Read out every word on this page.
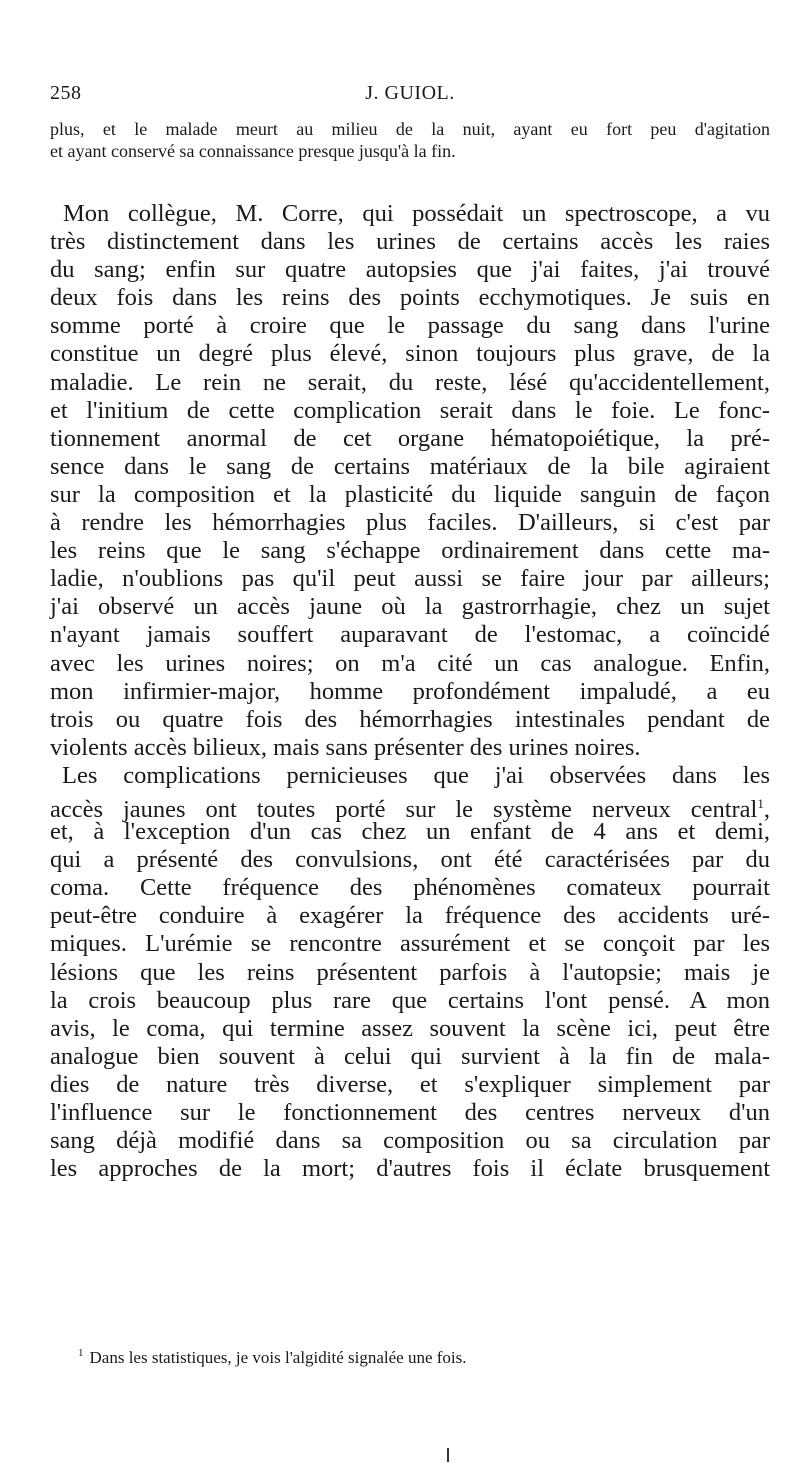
258	J. GUIOL.
plus, et le malade meurt au milieu de la nuit, ayant eu fort peu d'agitation
et ayant conservé sa connaissance presque jusqu'à la fin.
Mon collègue, M. Corre, qui possédait un spectroscope, a vu
très distinctement dans les urines de certains accès les raies
du sang; enfin sur quatre autopsies que j'ai faites, j'ai trouvé
deux fois dans les reins des points ecchymotiques. Je suis en
somme porté à croire que le passage du sang dans l'urine
constitue un degré plus élevé, sinon toujours plus grave, de la
maladie. Le rein ne serait, du reste, lésé qu'accidentellement,
et l'initium de cette complication serait dans le foie. Le fonc-
tionnement anormal de cet organe hématopoiétique, la pré-
sence dans le sang de certains matériaux de la bile agiraient
sur la composition et la plasticité du liquide sanguin de façon
à rendre les hémorrhagies plus faciles. D'ailleurs, si c'est par
les reins que le sang s'échappe ordinairement dans cette ma-
ladie, n'oublions pas qu'il peut aussi se faire jour par ailleurs;
j'ai observé un accès jaune où la gastrorrhagie, chez un sujet
n'ayant jamais souffert auparavant de l'estomac, a coïncidé
avec les urines noires; on m'a cité un cas analogue. Enfin,
mon infirmier-major, homme profondément impaludé, a eu
trois ou quatre fois des hémorrhagies intestinales pendant de
violents accès bilieux, mais sans présenter des urines noires.
Les complications pernicieuses que j'ai observées dans les
accès jaunes ont toutes porté sur le système nerveux central$^1$,
et, à l'exception d'un cas chez un enfant de 4 ans et demi,
qui a présenté des convulsions, ont été caractérisées par du
coma. Cette fréquence des phénomènes comateux pourrait
peut-être conduire à exagérer la fréquence des accidents uré-
miques. L'urémie se rencontre assurément et se conçoit par les
lésions que les reins présentent parfois à l'autopsie; mais je
la crois beaucoup plus rare que certains l'ont pensé. A mon
avis, le coma, qui termine assez souvent la scène ici, peut être
analogue bien souvent à celui qui survient à la fin de mala-
dies de nature très diverse, et s'expliquer simplement par
l'influence sur le fonctionnement des centres nerveux d'un
sang déjà modifié dans sa composition ou sa circulation par
les approches de la mort; d'autres fois il éclate brusquement
$^1$ Dans les statistiques, je vois l'algidité signalée une fois.
